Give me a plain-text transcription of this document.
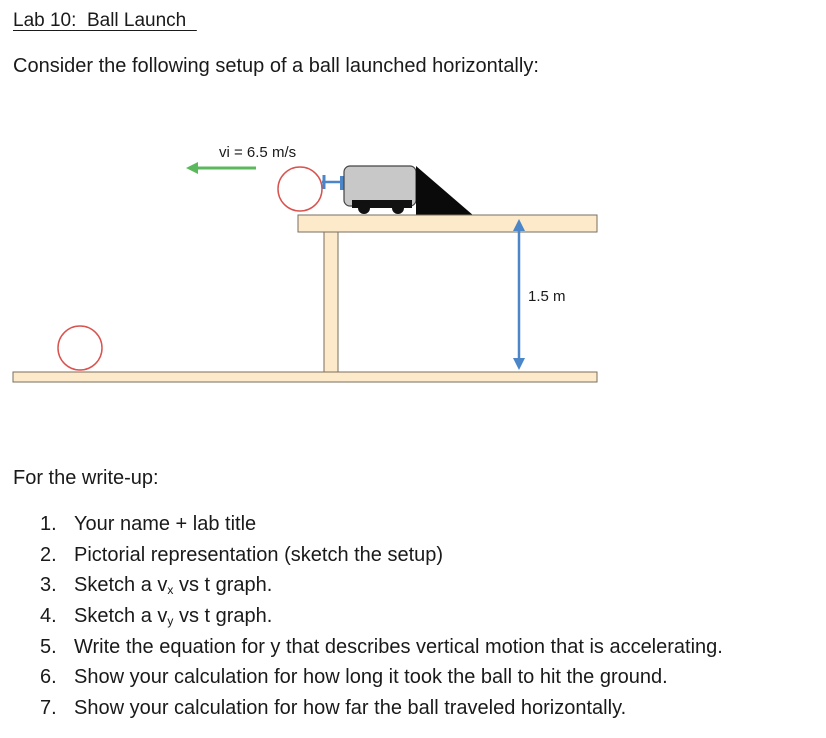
Lab 10:  Ball Launch
Consider the following setup of a ball launched horizontally:
vi = 6.5 m/s
1.5 m
For the write-up:
1. Your name + lab title
2. Pictorial representation (sketch the setup)
3. Sketch a $v_x$ vs t graph.
4. Sketch a $v_y$ vs t graph.
5. Write the equation for y that describes vertical motion that is accelerating.
6. Show your calculation for how long it took the ball to hit the ground.
7. Show your calculation for how far the ball traveled horizontally.
